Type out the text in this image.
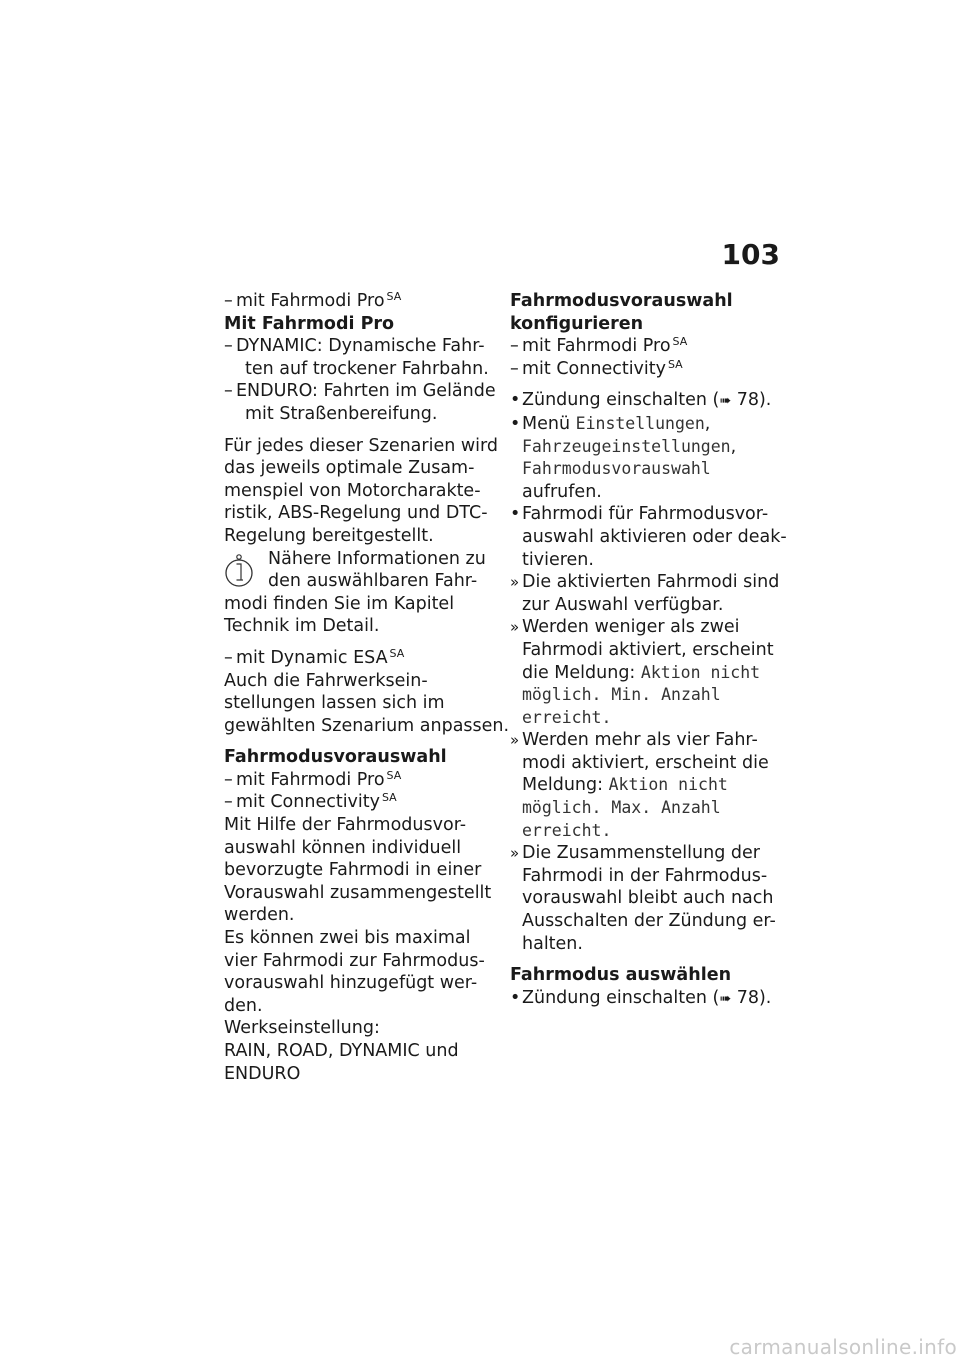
103
– mit Fahrmodi Pro $^{SA}$
Mit Fahrmodi Pro
– DYNAMIC: Dynamische Fahr-
ten auf trockener Fahrbahn.
– ENDURO: Fahrten im Gelände
mit Straßenbereifung.
Für jedes dieser Szenarien wird
das jeweils optimale Zusam-
menspiel von Motorcharakte-
ristik, ABS-Regelung und DTC-
Regelung bereitgestellt.
Nähere Informationen zu
den auswählbaren Fahr-
modi finden Sie im Kapitel
Technik im Detail.
– mit Dynamic ESA $^{SA}$
Auch die Fahrwerksein-
stellungen lassen sich im
gewählten Szenarium anpassen.
Fahrmodusvorauswahl
– mit Fahrmodi Pro $^{SA}$
– mit Connectivity $^{SA}$
Mit Hilfe der Fahrmodusvor-
auswahl können individuell
bevorzugte Fahrmodi in einer
Vorauswahl zusammengestellt
werden.
Es können zwei bis maximal
vier Fahrmodi zur Fahrmodus-
vorauswahl hinzugefügt wer-
den.
Werkseinstellung:
RAIN, ROAD, DYNAMIC und
ENDURO
Fahrmodusvorauswahl
konfigurieren
– mit Fahrmodi Pro $^{SA}$
– mit Connectivity $^{SA}$
• Zündung einschalten (➠ 78).
• Menü Einstellungen,
Fahrzeugeinstellungen,
Fahrmodusvorauswahl
aufrufen.
• Fahrmodi für Fahrmodusvor-
auswahl aktivieren oder deak-
tivieren.
» Die aktivierten Fahrmodi sind
zur Auswahl verfügbar.
» Werden weniger als zwei
Fahrmodi aktiviert, erscheint
die Meldung: Aktion nicht
möglich. Min. Anzahl
erreicht.
» Werden mehr als vier Fahr-
modi aktiviert, erscheint die
Meldung: Aktion nicht
möglich. Max. Anzahl
erreicht.
» Die Zusammenstellung der
Fahrmodi in der Fahrmodus-
vorauswahl bleibt auch nach
Ausschalten der Zündung er-
halten.
Fahrmodus auswählen
• Zündung einschalten (➠ 78).
carmanualsonline.info
